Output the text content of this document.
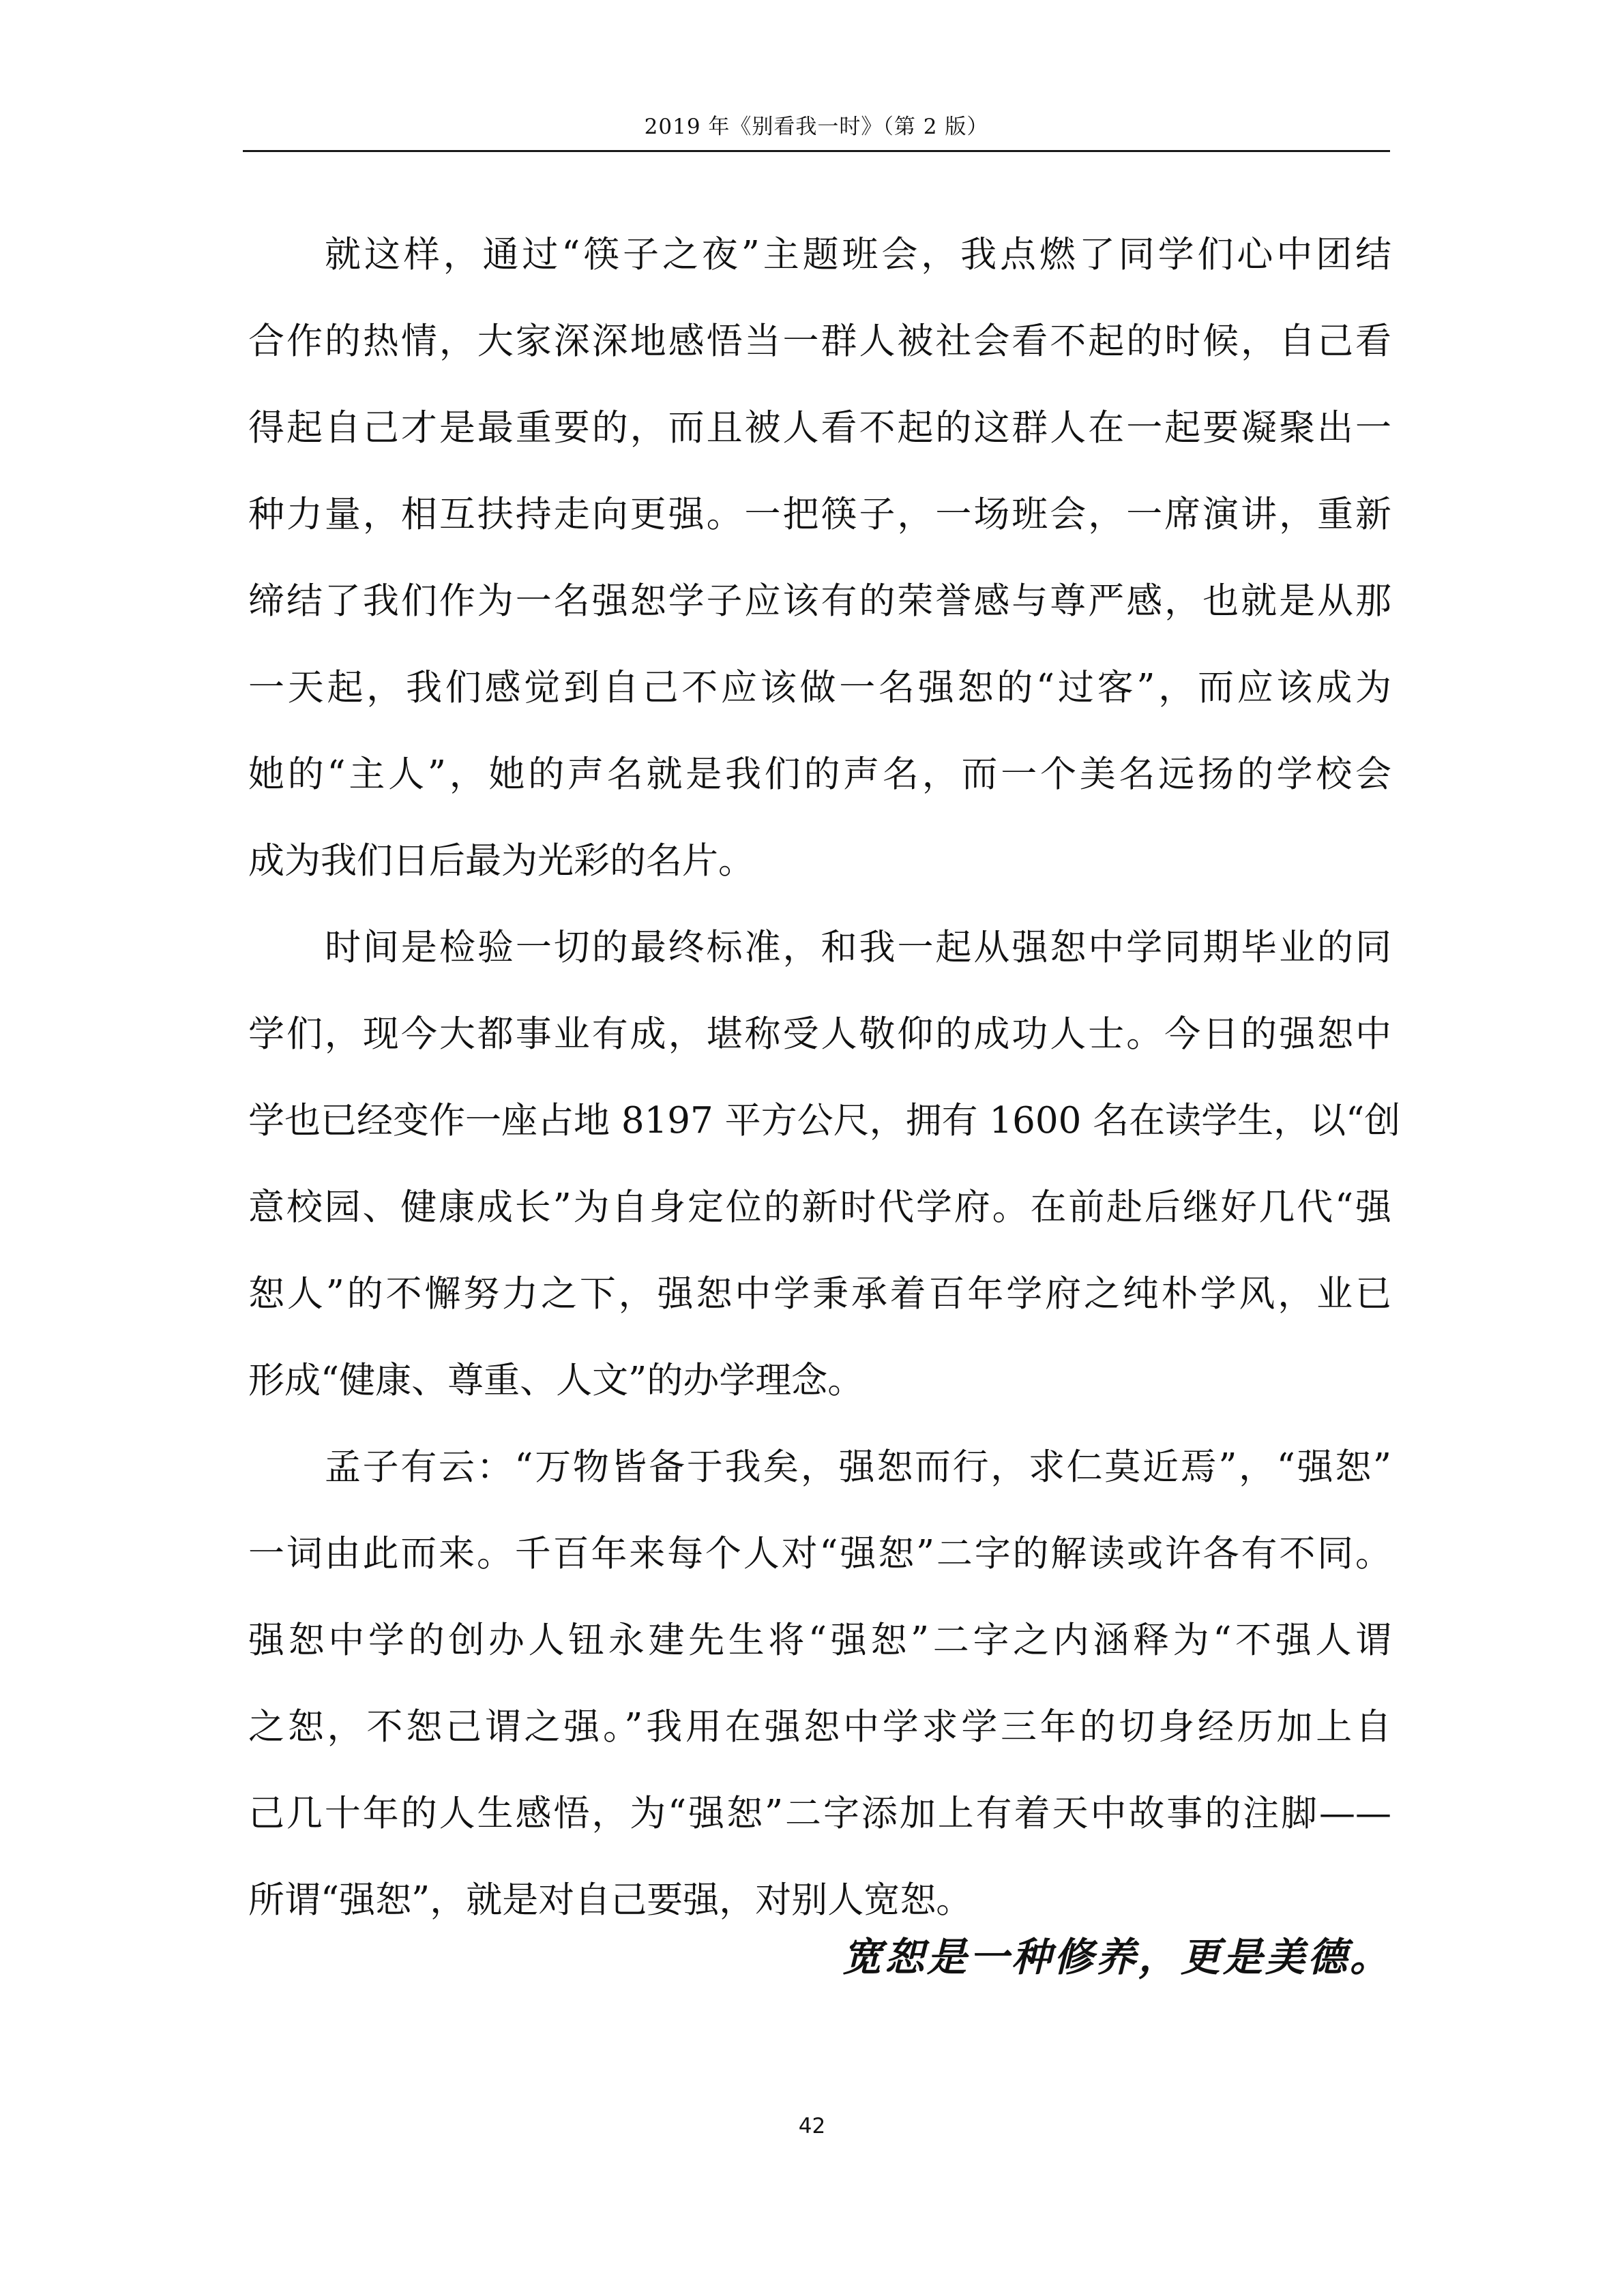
2019 年《别看我一时》（第 2 版）
就这样，通过“筷子之夜”主题班会，我点燃了同学们心中团结
合作的热情，大家深深地感悟当一群人被社会看不起的时候，自己看
得起自己才是最重要的，而且被人看不起的这群人在一起要凝聚出一
种力量，相互扶持走向更强。一把筷子，一场班会，一席演讲，重新
缔结了我们作为一名强恕学子应该有的荣誉感与尊严感，也就是从那
一天起，我们感觉到自己不应该做一名强恕的“过客”，而应该成为
她的“主人”，她的声名就是我们的声名，而一个美名远扬的学校会
成为我们日后最为光彩的名片。
时间是检验一切的最终标准，和我一起从强恕中学同期毕业的同
学们，现今大都事业有成，堪称受人敬仰的成功人士。今日的强恕中
学也已经变作一座占地 8197 平方公尺，拥有 1600 名在读学生，以“创
意校园、健康成长”为自身定位的新时代学府。在前赴后继好几代“强
恕人”的不懈努力之下，强恕中学秉承着百年学府之纯朴学风，业已
形成“健康、尊重、人文”的办学理念。
孟子有云：“万物皆备于我矣，强恕而行，求仁莫近焉”，“强恕”
一词由此而来。千百年来每个人对“强恕”二字的解读或许各有不同。
强恕中学的创办人钮永建先生将“强恕”二字之内涵释为“不强人谓
之恕，不恕己谓之强。”我用在强恕中学求学三年的切身经历加上自
己几十年的人生感悟，为“强恕”二字添加上有着天中故事的注脚——
所谓“强恕”，就是对自己要强，对别人宽恕。
宽恕是一种修养，更是美德。
42
